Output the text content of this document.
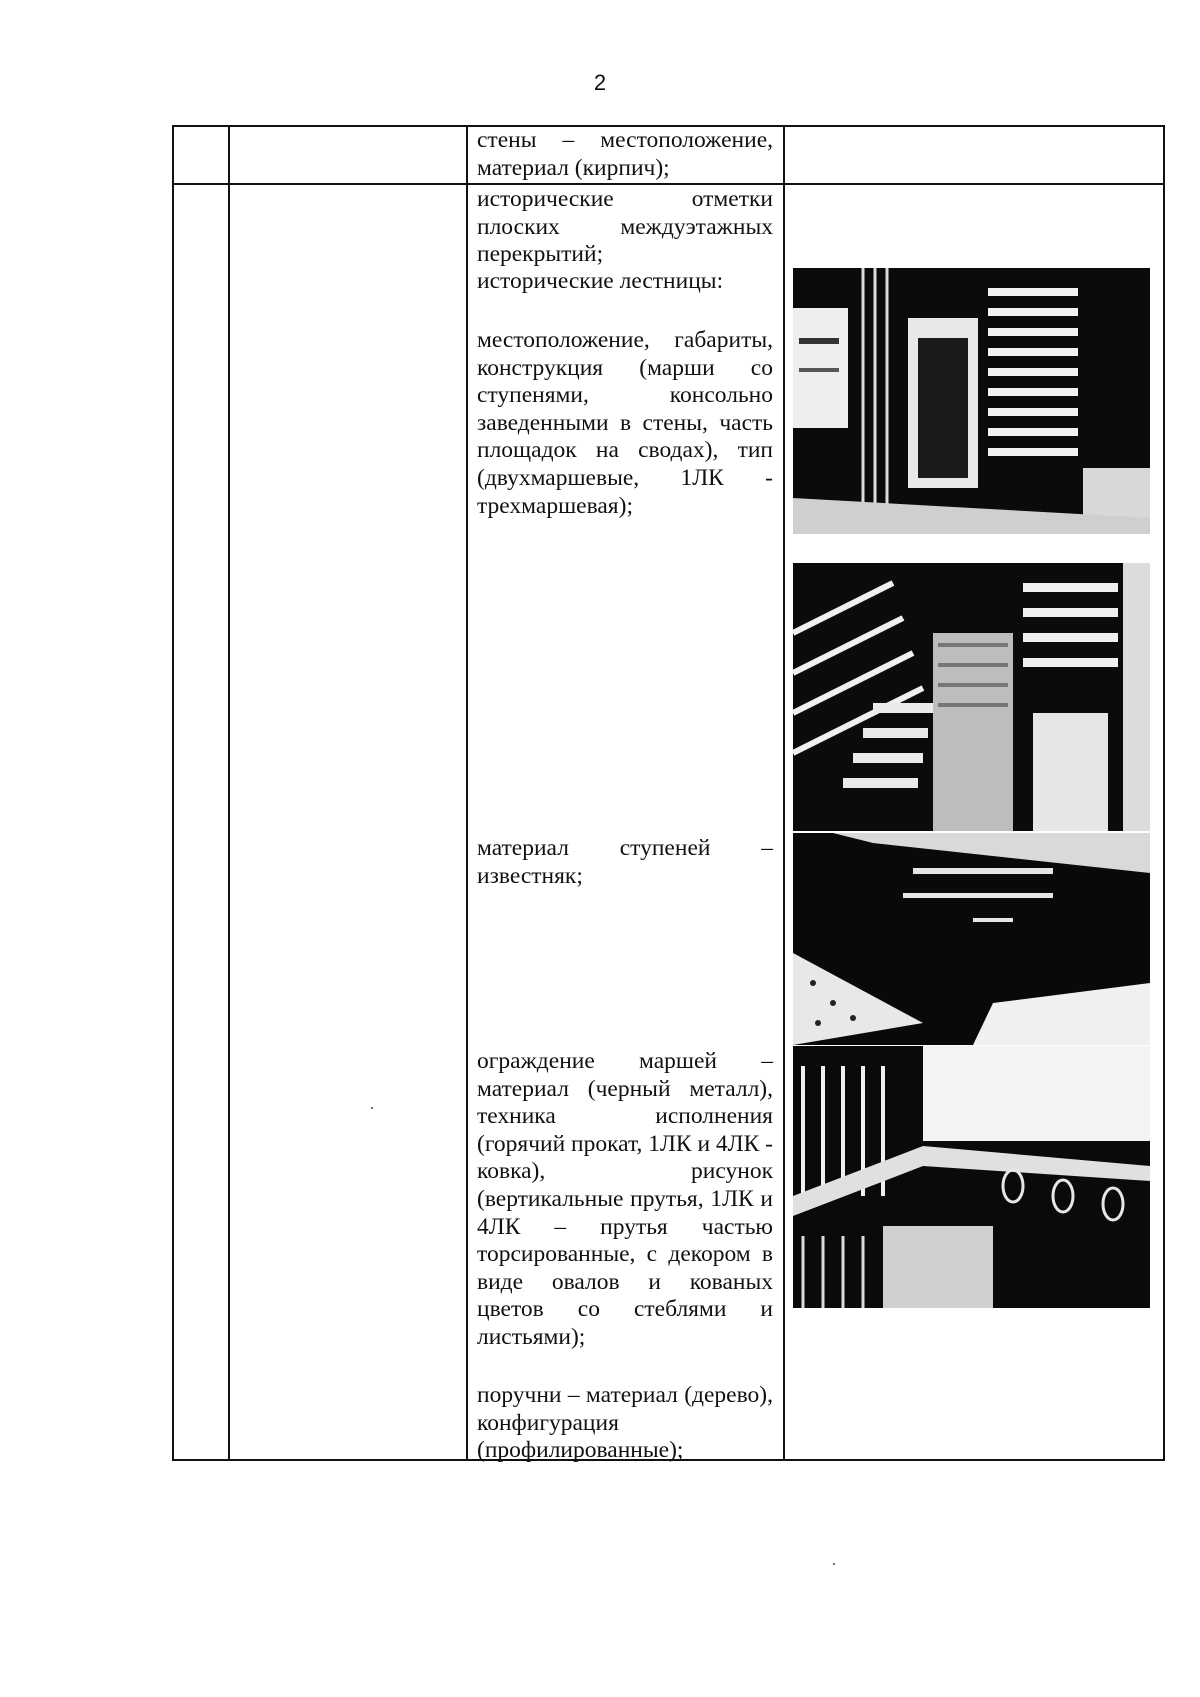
2
стены – местоположение, материал (кирпич);
исторические отметки плоских междуэтажных перекрытий;
исторические лестницы:
местоположение, габариты, конструкция (марши со ступенями, консольно заведенными в стены, часть площадок на сводах), тип (двухмаршевые, 1ЛК - трехмаршевая);
материал ступеней – известняк;
ограждение маршей – материал (черный металл), техника исполнения (горячий прокат, 1ЛК и 4ЛК - ковка), рисунок (вертикальные прутья, 1ЛК и 4ЛК – прутья частью торсированные, с декором в виде овалов и кованых цветов со стеблями и листьями);
поручни – материал (дерево), конфигурация (профилированные);
